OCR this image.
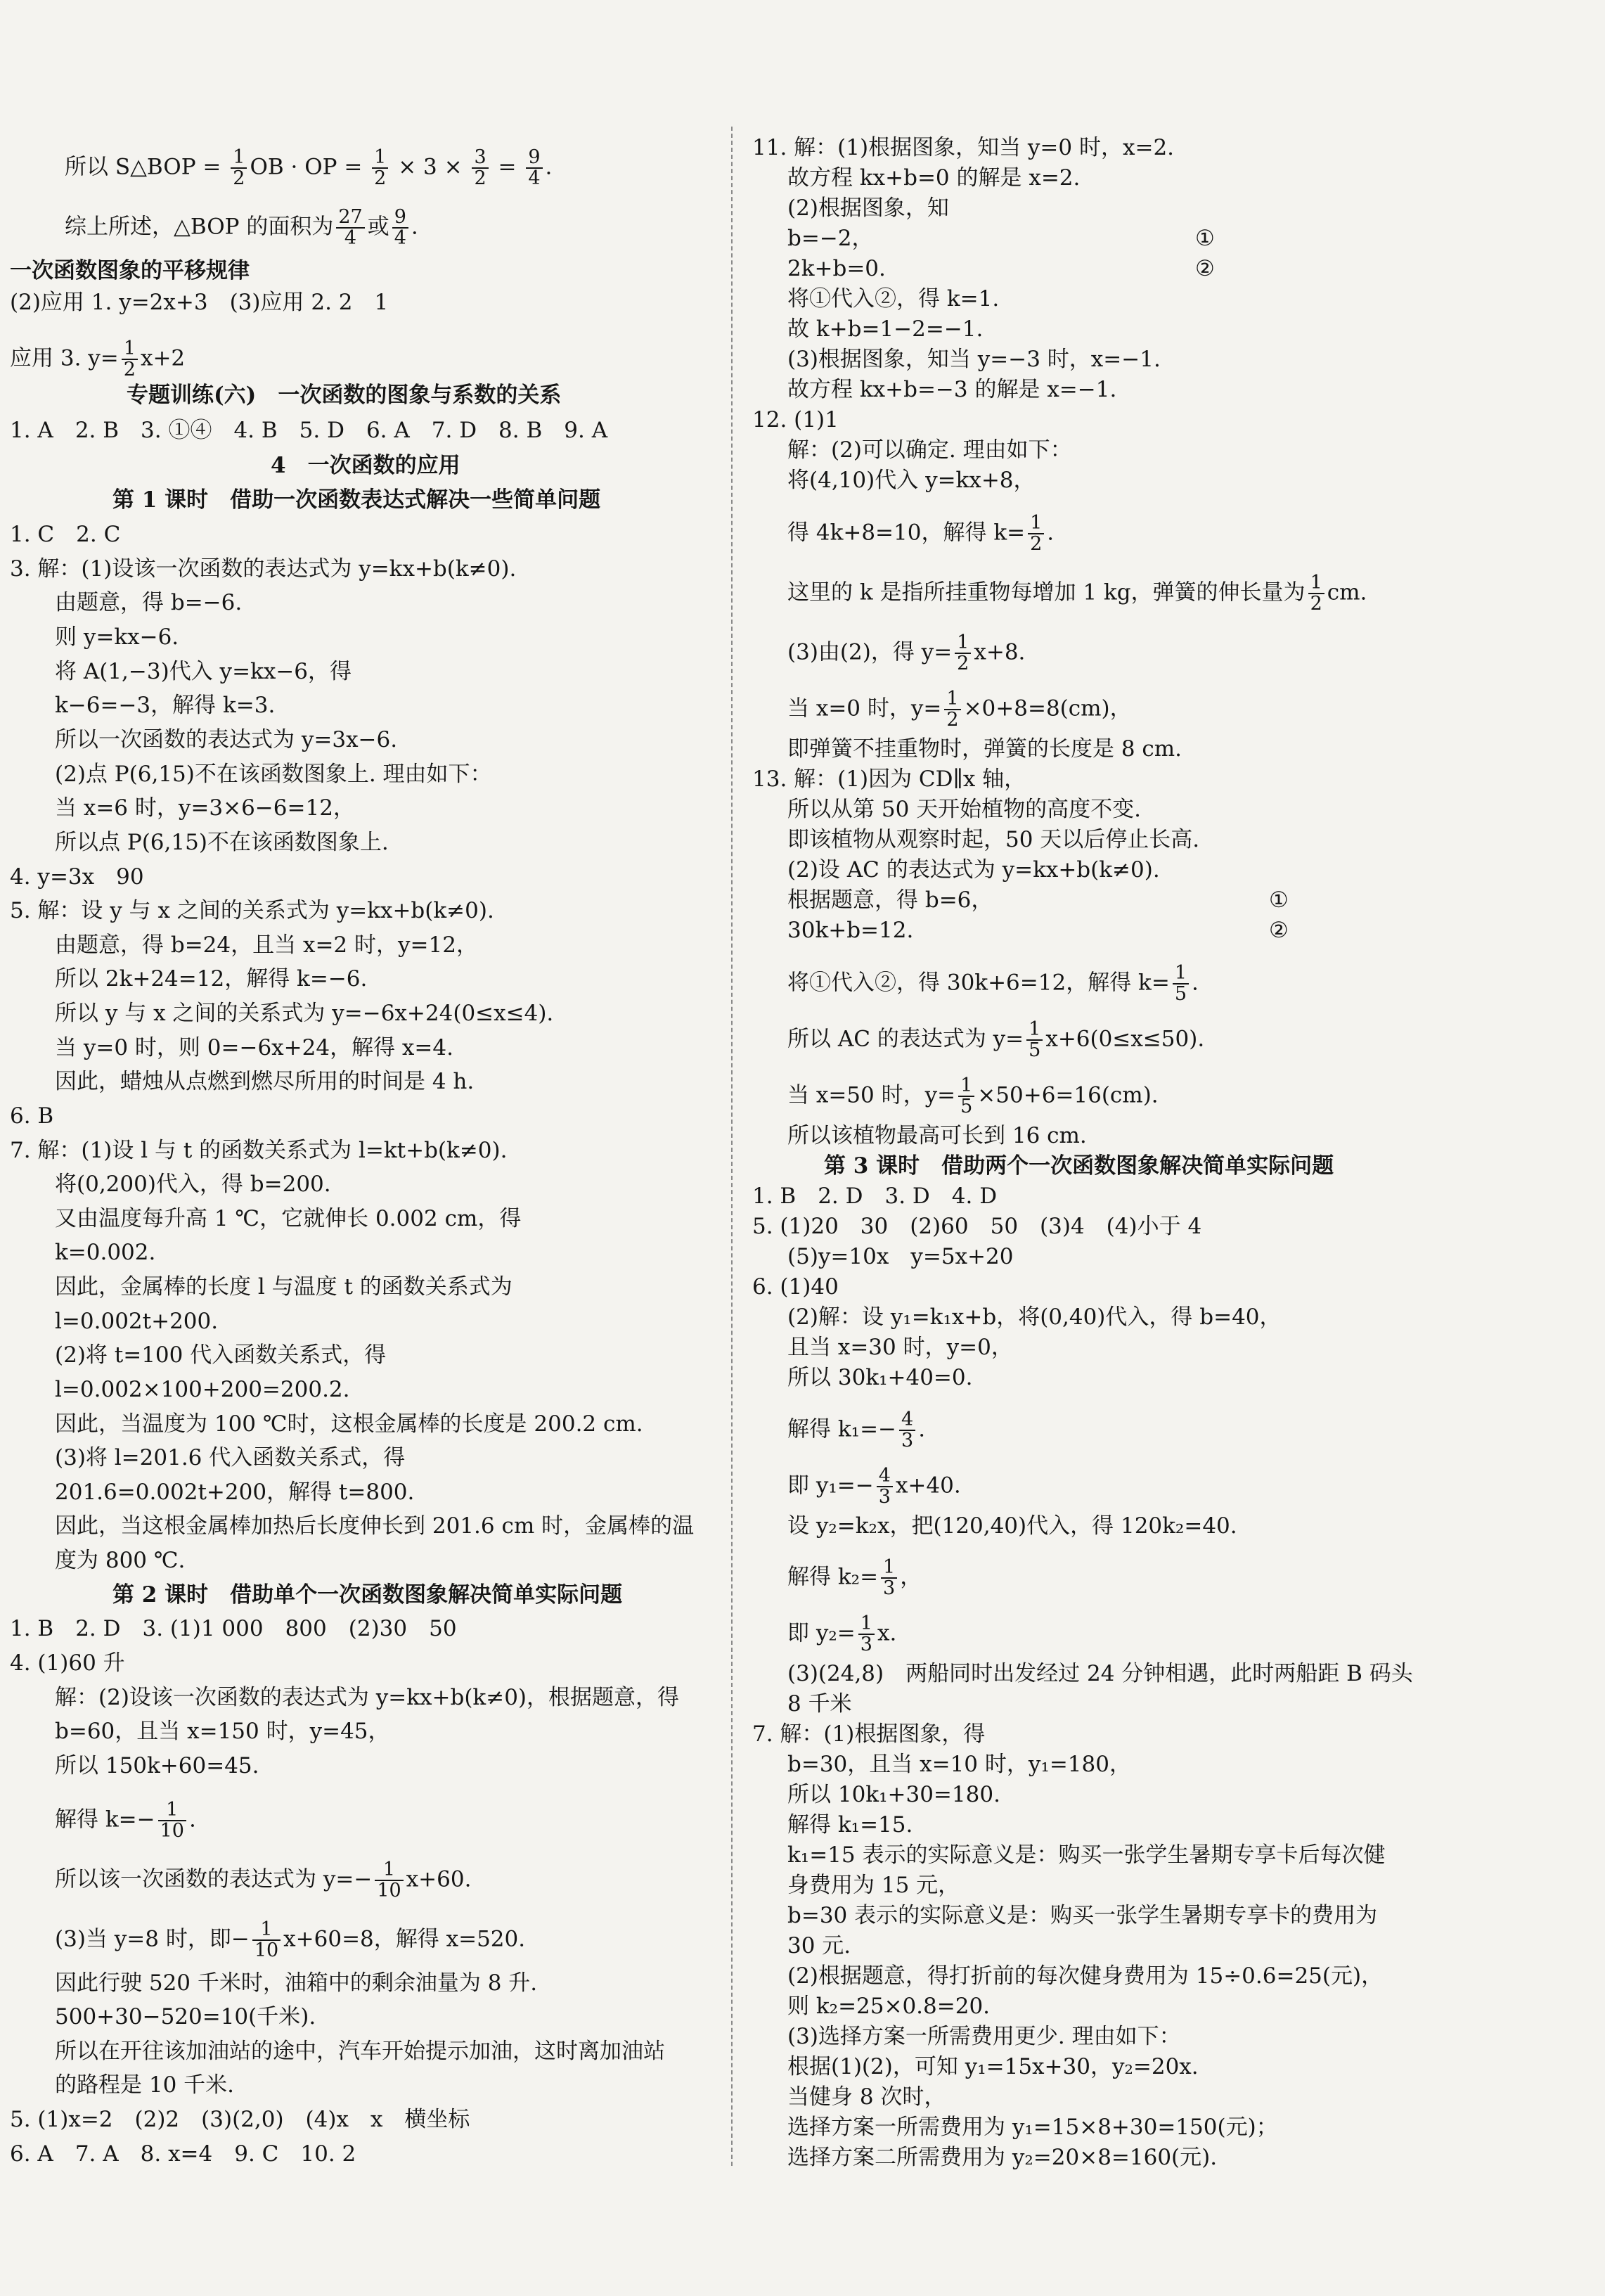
所以 S△BOP = $\frac{1}{2}$ OB · OP = $\frac{1}{2} \times 3 \times \frac{3}{2} = \frac{9}{4}$ .
综上所述，△BOP 的面积为 $\frac{27}{4}$ 或 $\frac{9}{4}$ .
一次函数图象的平移规律
(2)应用 1. y=2x+3　(3)应用 2. 2　1
应用 3. $y= \frac{1}{2} x+2$
专题训练(六)　一次函数的图象与系数的关系
1. A　2. B　3. ①④　4. B　5. D　6. A　7. D　8. B　9. A
4　一次函数的应用
第 1 课时　借助一次函数表达式解决一些简单问题
1. C　2. C
3. 解：(1)设该一次函数的表达式为 y=kx+b(k≠0).
由题意，得 b=−6.
则 y=kx−6.
将 A(1,−3)代入 y=kx−6，得
k−6=−3，解得 k=3.
所以一次函数的表达式为 y=3x−6.
(2)点 P(6,15)不在该函数图象上. 理由如下：
当 x=6 时，y=3×6−6=12，
所以点 P(6,15)不在该函数图象上.
4. y=3x　90
5. 解：设 y 与 x 之间的关系式为 y=kx+b(k≠0).
由题意，得 b=24，且当 x=2 时，y=12，
所以 2k+24=12，解得 k=−6.
所以 y 与 x 之间的关系式为 y=−6x+24(0≤x≤4).
当 y=0 时，则 0=−6x+24，解得 x=4.
因此，蜡烛从点燃到燃尽所用的时间是 4 h.
6. B
7. 解：(1)设 l 与 t 的函数关系式为 l=kt+b(k≠0).
将(0,200)代入，得 b=200.
又由温度每升高 1 ℃，它就伸长 0.002 cm，得
k=0.002.
因此，金属棒的长度 l 与温度 t 的函数关系式为
l=0.002t+200.
(2)将 t=100 代入函数关系式，得
l=0.002×100+200=200.2.
因此，当温度为 100 ℃时，这根金属棒的长度是 200.2 cm.
(3)将 l=201.6 代入函数关系式，得
201.6=0.002t+200，解得 t=800.
因此，当这根金属棒加热后长度伸长到 201.6 cm 时，金属棒的温
度为 800 ℃.
第 2 课时　借助单个一次函数图象解决简单实际问题
1. B　2. D　3. (1)1 000　800　(2)30　50
4. (1)60 升
解：(2)设该一次函数的表达式为 y=kx+b(k≠0)，根据题意，得
b=60，且当 x=150 时，y=45，
所以 150k+60=45.
解得 $k=- \frac{1}{10}$ .
所以该一次函数的表达式为 $y=- \frac{1}{10} x+60$.
(3)当 y=8 时，即− $\frac{1}{10} x+60=8$，解得 x=520.
因此行驶 520 千米时，油箱中的剩余油量为 8 升.
500+30−520=10(千米).
所以在开往该加油站的途中，汽车开始提示加油，这时离加油站
的路程是 10 千米.
5. (1)x=2　(2)2　(3)(2,0)　(4)x　x　横坐标
6. A　7. A　8. x=4　9. C　10. 2
11. 解：(1)根据图象，知当 y=0 时，x=2.
故方程 kx+b=0 的解是 x=2.
(2)根据图象，知
b=−2，
2k+b=0.
将①代入②，得 k=1.
故 k+b=1−2=−1.
(3)根据图象，知当 y=−3 时，x=−1.
故方程 kx+b=−3 的解是 x=−1.
12. (1)1
解：(2)可以确定. 理由如下：
将(4,10)代入 y=kx+8，
得 4k+8=10，解得 $k= \frac{1}{2}$ .
这里的 k 是指所挂重物每增加 1 kg，弹簧的伸长量为 $\frac{1}{2}$ cm.
(3)由(2)，得 $y= \frac{1}{2} x+8$.
当 x=0 时，$y= \frac{1}{2} \times 0+8=8(cm)$，
即弹簧不挂重物时，弹簧的长度是 8 cm.
13. 解：(1)因为 CD∥x 轴，
所以从第 50 天开始植物的高度不变.
即该植物从观察时起，50 天以后停止长高.
(2)设 AC 的表达式为 y=kx+b(k≠0).
根据题意，得 b=6，
30k+b=12.
将①代入②，得 30k+6=12，解得 $k= \frac{1}{5}$ .
所以 AC 的表达式为 $y= \frac{1}{5} x+6(0\le x\le 50)$.
当 x=50 时，$y= \frac{1}{5} \times 50+6=16(cm)$.
所以该植物最高可长到 16 cm.
第 3 课时　借助两个一次函数图象解决简单实际问题
1. B　2. D　3. D　4. D
5. (1)20　30　(2)60　50　(3)4　(4)小于 4
(5)y=10x　y=5x+20
6. (1)40
(2)解：设 y₁=k₁x+b，将(0,40)代入，得 b=40，
且当 x=30 时，y=0，
所以 30k₁+40=0.
解得 $k_1=- \frac{4}{3}$ .
即 $y_1=- \frac{4}{3} x+40$.
设 y₂=k₂x，把(120,40)代入，得 120k₂=40.
解得 $k_2= \frac{1}{3}$ ，
即 $y_2= \frac{1}{3} x$.
(3)(24,8)　两船同时出发经过 24 分钟相遇，此时两船距 B 码头
8 千米
7. 解：(1)根据图象，得
b=30，且当 x=10 时，y₁=180，
所以 10k₁+30=180.
解得 k₁=15.
k₁=15 表示的实际意义是：购买一张学生暑期专享卡后每次健
身费用为 15 元，
b=30 表示的实际意义是：购买一张学生暑期专享卡的费用为
30 元.
(2)根据题意，得打折前的每次健身费用为 15÷0.6=25(元)，
则 k₂=25×0.8=20.
(3)选择方案一所需费用更少. 理由如下：
根据(1)(2)，可知 y₁=15x+30，y₂=20x.
当健身 8 次时，
选择方案一所需费用为 y₁=15×8+30=150(元)；
选择方案二所需费用为 y₂=20×8=160(元).
①
②
①
②
